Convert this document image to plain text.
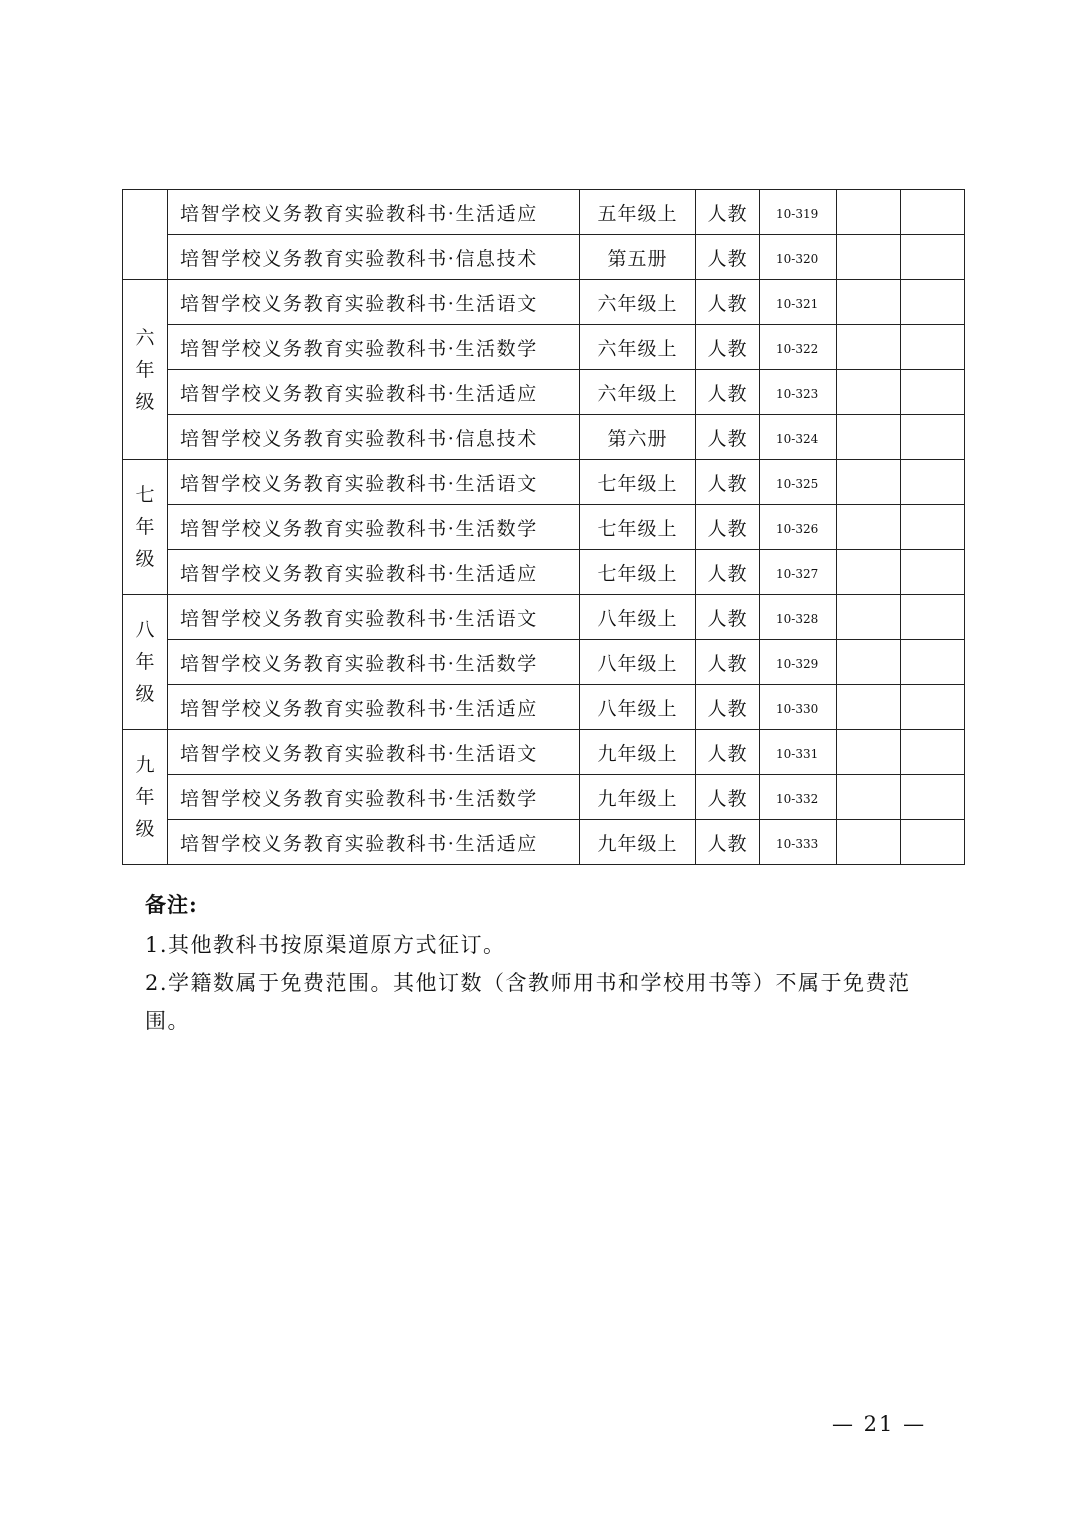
	培智学校义务教育实验教科书·生活适应	五年级上	人教	10-319		
	培智学校义务教育实验教科书·信息技术	第五册	人教	10-320		
六年级	培智学校义务教育实验教科书·生活语文	六年级上	人教	10-321		
	培智学校义务教育实验教科书·生活数学	六年级上	人教	10-322		
	培智学校义务教育实验教科书·生活适应	六年级上	人教	10-323		
	培智学校义务教育实验教科书·信息技术	第六册	人教	10-324		
七年级	培智学校义务教育实验教科书·生活语文	七年级上	人教	10-325		
	培智学校义务教育实验教科书·生活数学	七年级上	人教	10-326		
	培智学校义务教育实验教科书·生活适应	七年级上	人教	10-327		
八年级	培智学校义务教育实验教科书·生活语文	八年级上	人教	10-328		
	培智学校义务教育实验教科书·生活数学	八年级上	人教	10-329		
	培智学校义务教育实验教科书·生活适应	八年级上	人教	10-330		
九年级	培智学校义务教育实验教科书·生活语文	九年级上	人教	10-331		
	培智学校义务教育实验教科书·生活数学	九年级上	人教	10-332		
	培智学校义务教育实验教科书·生活适应	九年级上	人教	10-333		
备注:
1.其他教科书按原渠道原方式征订。
2.学籍数属于免费范围。其他订数（含教师用书和学校用书等）不属于免费范围。
— 21 —
